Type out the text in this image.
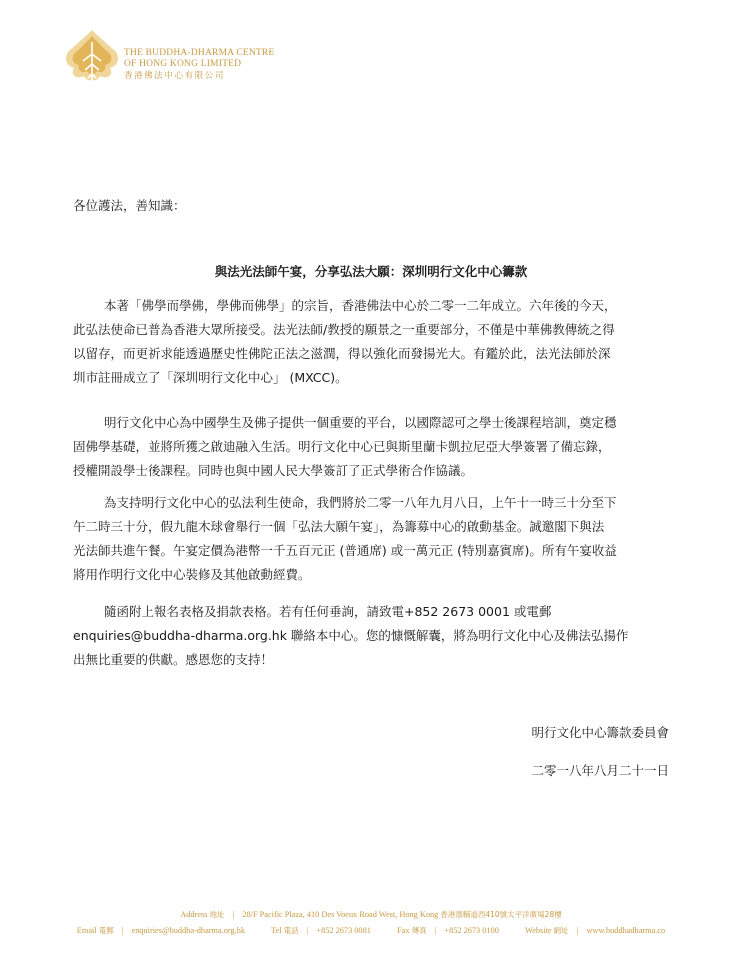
THE BUDDHA-DHARMA CENTRE
OF HONG KONG LIMITED
香港佛法中心有限公司
各位護法，善知識：
與法光法師午宴，分享弘法大願：深圳明行文化中心籌款
本著「佛學而學佛，學佛而佛學」的宗旨，香港佛法中心於二零一二年成立。六年後的今天，
此弘法使命已普為香港大眾所接受。法光法師/教授的願景之一重要部分，不僅是中華佛教傳統之得
以留存，而更祈求能透過歷史性佛陀正法之滋潤，得以強化而發揚光大。有鑑於此，法光法師於深
圳市註冊成立了「深圳明行文化中心」 (MXCC)。
明行文化中心為中國學生及佛子提供一個重要的平台，以國際認可之學士後課程培訓，奠定穩
固佛學基礎，並將所獲之啟迪融入生活。明行文化中心已與斯里蘭卡凱拉尼亞大學簽署了備忘錄，
授權開設學士後課程。同時也與中國人民大學簽訂了正式學術合作協議。
為支持明行文化中心的弘法利生使命，我們將於二零一八年九月八日，上午十一時三十分至下
午二時三十分，假九龍木球會舉行一個「弘法大願午宴」，為籌募中心的啟動基金。誠邀閣下與法
光法師共進午餐。午宴定價為港幣一千五百元正 (普通席) 或一萬元正 (特別嘉賓席)。所有午宴收益
將用作明行文化中心裝修及其他啟動經費。
隨函附上報名表格及捐款表格。若有任何垂詢，請致電+852 2673 0001 或電郵
enquiries@buddha-dharma.org.hk 聯絡本中心。您的慷慨解囊，將為明行文化中心及佛法弘揚作
出無比重要的供獻。感恩您的支持！
明行文化中心籌款委員會
二零一八年八月二十一日
Address 地址 | 28/F Pacific Plaza, 410 Des Voeux Road West, Hong Kong 香港德輔道西410號太平洋廣場28樓
Email 電郵 | enquiries@buddha-dharma.org.hk	Tel 電話 | +852 2673 0081	Fax 傳真 | +852 2673 0100	Website 網址 | www.buddhadharma.co
